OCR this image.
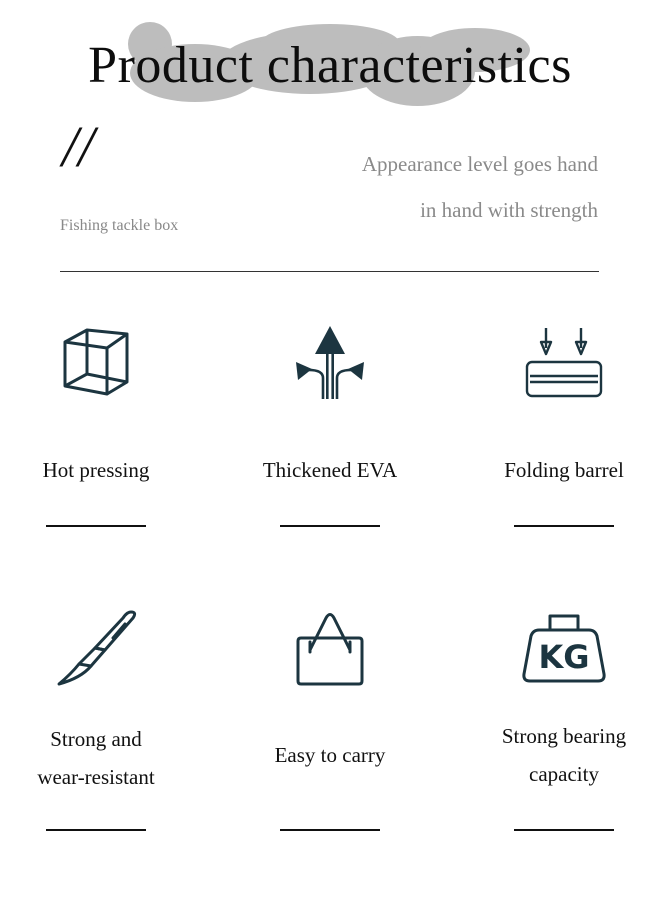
Product characteristics
//
Fishing tackle box
Appearance level goes hand
in hand with strength
Hot pressing	Thickened EVA	Folding barrel
Strong and
wear-resistant
Easy to carry
KG
Strong bearing
capacity
